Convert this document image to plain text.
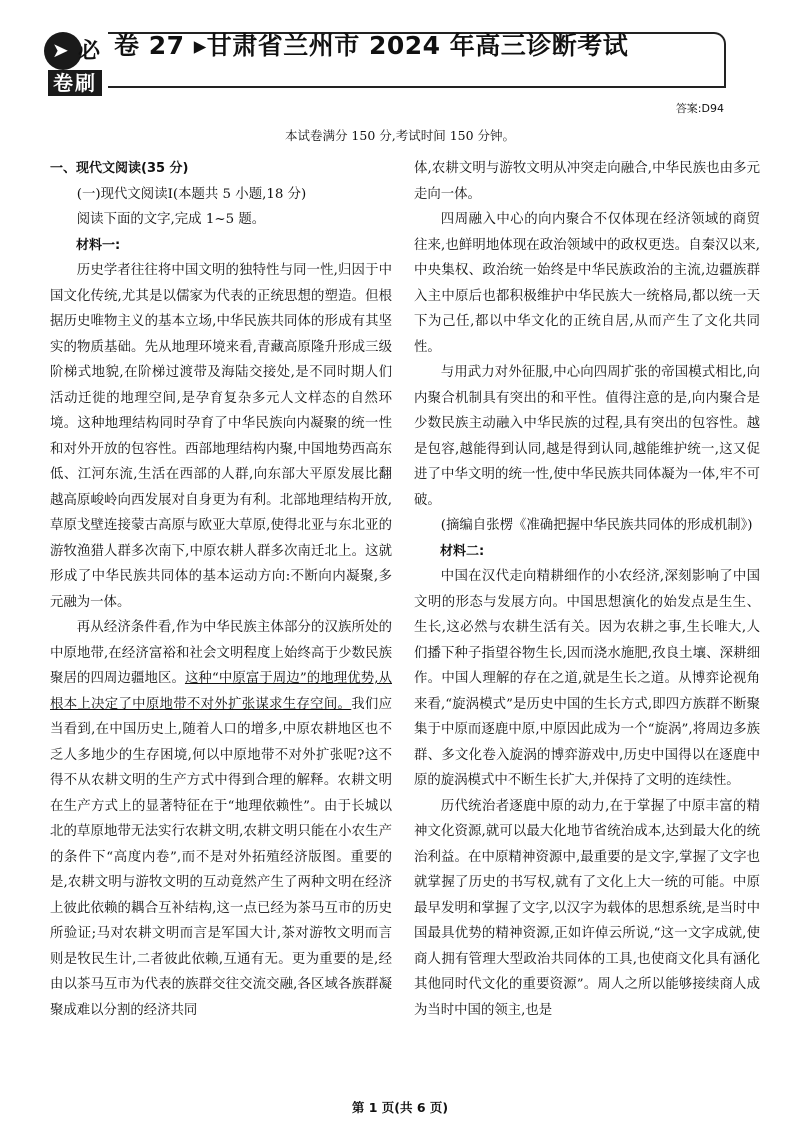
➤ 必
卷刷
卷 27 ▸甘肃省兰州市 2024 年高三诊断考试
答案:D94
本试卷满分 150 分,考试时间 150 分钟。

一、现代文阅读(35 分)

(一)现代文阅读Ⅰ(本题共 5 小题,18 分)

阅读下面的文字,完成 1~5 题。

材料一:

历史学者往往将中国文明的独特性与同一性,归因于中国文化传统,尤其是以儒家为代表的正统思想的塑造。但根据历史唯物主义的基本立场,中华民族共同体的形成有其坚实的物质基础。先从地理环境来看,青藏高原隆升形成三级阶梯式地貌,在阶梯过渡带及海陆交接处,是不同时期人们活动迁徙的地理空间,是孕育复杂多元人文样态的自然环境。这种地理结构同时孕育了中华民族向内凝聚的统一性和对外开放的包容性。西部地理结构内聚,中国地势西高东低、江河东流,生活在西部的人群,向东部大平原发展比翻越高原峻岭向西发展对自身更为有利。北部地理结构开放,草原戈壁连接蒙古高原与欧亚大草原,使得北亚与东北亚的游牧渔猎人群多次南下,中原农耕人群多次南迁北上。这就形成了中华民族共同体的基本运动方向:不断向内凝聚,多元融为一体。

再从经济条件看,作为中华民族主体部分的汉族所处的中原地带,在经济富裕和社会文明程度上始终高于少数民族聚居的四周边疆地区。这种“中原富于周边”的地理优势,从根本上决定了中原地带不对外扩张谋求生存空间。我们应当看到,在中国历史上,随着人口的增多,中原农耕地区也不乏人多地少的生存困境,何以中原地带不对外扩张呢?这不得不从农耕文明的生产方式中得到合理的解释。农耕文明在生产方式上的显著特征在于“地理依赖性”。由于长城以北的草原地带无法实行农耕文明,农耕文明只能在小农生产的条件下“高度内卷”,而不是对外拓殖经济版图。重要的是,农耕文明与游牧文明的互动竟然产生了两种文明在经济上彼此依赖的耦合互补结构,这一点已经为茶马互市的历史所验证;马对农耕文明而言是军国大计,茶对游牧文明而言则是牧民生计,二者彼此依赖,互通有无。更为重要的是,经由以茶马互市为代表的族群交往交流交融,各区域各族群凝聚成难以分割的经济共同

体,农耕文明与游牧文明从冲突走向融合,中华民族也由多元走向一体。

四周融入中心的向内聚合不仅体现在经济领域的商贸往来,也鲜明地体现在政治领域中的政权更迭。自秦汉以来,中央集权、政治统一始终是中华民族政治的主流,边疆族群入主中原后也都积极维护中华民族大一统格局,都以统一天下为己任,都以中华文化的正统自居,从而产生了文化共同性。

与用武力对外征服,中心向四周扩张的帝国模式相比,向内聚合机制具有突出的和平性。值得注意的是,向内聚合是少数民族主动融入中华民族的过程,具有突出的包容性。越是包容,越能得到认同,越是得到认同,越能维护统一,这又促进了中华文明的统一性,使中华民族共同体凝为一体,牢不可破。

(摘编自张楞《准确把握中华民族共同体的形成机制》)

材料二:

中国在汉代走向精耕细作的小农经济,深刻影响了中国文明的形态与发展方向。中国思想演化的始发点是生生、生长,这必然与农耕生活有关。因为农耕之事,生长唯大,人们播下种子指望谷物生长,因而浇水施肥,孜良土壤、深耕细作。中国人理解的存在之道,就是生长之道。从博弈论视角来看,“旋涡模式”是历史中国的生长方式,即四方族群不断聚集于中原而逐鹿中原,中原因此成为一个“旋涡”,将周边多族群、多文化卷入旋涡的博弈游戏中,历史中国得以在逐鹿中原的旋涡模式中不断生长扩大,并保持了文明的连续性。

历代统治者逐鹿中原的动力,在于掌握了中原丰富的精神文化资源,就可以最大化地节省统治成本,达到最大化的统治利益。在中原精神资源中,最重要的是文字,掌握了文字也就掌握了历史的书写权,就有了文化上大一统的可能。中原最早发明和掌握了文字,以汉字为载体的思想系统,是当时中国最具优势的精神资源,正如许倬云所说,“这一文字成就,使商人拥有管理大型政治共同体的工具,也使商文化具有涵化其他同时代文化的重要资源”。周人之所以能够接续商人成为当时中国的领主,也是

第 1 页(共 6 页)
